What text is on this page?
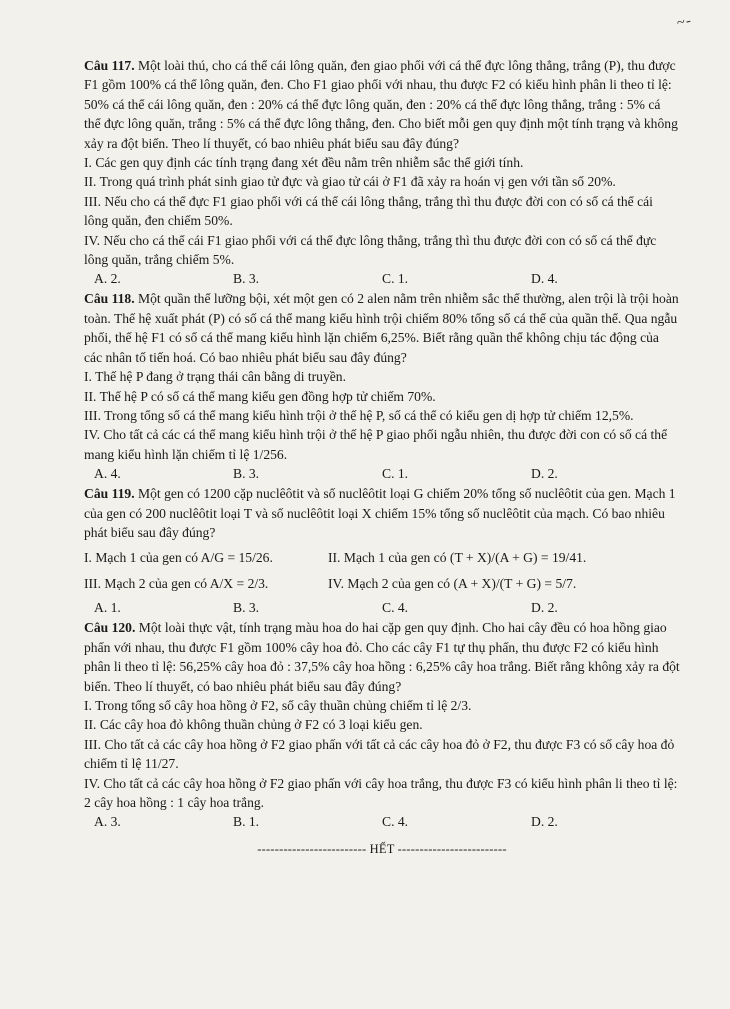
~-

Câu 117. Một loài thú, cho cá thể cái lông quăn, đen giao phối với cá thể đực lông thẳng, trắng (P), thu được F1 gồm 100% cá thể lông quăn, đen. Cho F1 giao phối với nhau, thu được F2 có kiểu hình phân li theo tỉ lệ: 50% cá thể cái lông quăn, đen : 20% cá thể đực lông quăn, đen : 20% cá thể đực lông thẳng, trắng : 5% cá thể đực lông quăn, trắng : 5% cá thể đực lông thẳng, đen. Cho biết mỗi gen quy định một tính trạng và không xảy ra đột biến. Theo lí thuyết, có bao nhiêu phát biểu sau đây đúng?

I. Các gen quy định các tính trạng đang xét đều nằm trên nhiễm sắc thể giới tính.

II. Trong quá trình phát sinh giao tử đực và giao tử cái ở F1 đã xảy ra hoán vị gen với tần số 20%.

III. Nếu cho cá thể đực F1 giao phối với cá thể cái lông thẳng, trắng thì thu được đời con có số cá thể cái lông quăn, đen chiếm 50%.

IV. Nếu cho cá thể cái F1 giao phối với cá thể đực lông thẳng, trắng thì thu được đời con có số cá thể đực lông quăn, trắng chiếm 5%.

A. 2.	B. 3.	C. 1.	D. 4.

Câu 118. Một quần thể lưỡng bội, xét một gen có 2 alen nằm trên nhiễm sắc thể thường, alen trội là trội hoàn toàn. Thế hệ xuất phát (P) có số cá thể mang kiểu hình trội chiếm 80% tổng số cá thể của quần thể. Qua ngẫu phối, thế hệ F1 có số cá thể mang kiểu hình lặn chiếm 6,25%. Biết rằng quần thể không chịu tác động của các nhân tố tiến hoá. Có bao nhiêu phát biểu sau đây đúng?

I. Thế hệ P đang ở trạng thái cân bằng di truyền.

II. Thế hệ P có số cá thể mang kiểu gen đồng hợp tử chiếm 70%.

III. Trong tổng số cá thể mang kiểu hình trội ở thế hệ P, số cá thể có kiểu gen dị hợp tử chiếm 12,5%.

IV. Cho tất cả các cá thể mang kiểu hình trội ở thế hệ P giao phối ngẫu nhiên, thu được đời con có số cá thể mang kiểu hình lặn chiếm tỉ lệ 1/256.

A. 4.	B. 3.	C. 1.	D. 2.

Câu 119. Một gen có 1200 cặp nuclêôtit và số nuclêôtit loại G chiếm 20% tổng số nuclêôtit của gen. Mạch 1 của gen có 200 nuclêôtit loại T và số nuclêôtit loại X chiếm 15% tổng số nuclêôtit của mạch. Có bao nhiêu phát biểu sau đây đúng?

I. Mạch 1 của gen có A/G = 15/26.	II. Mạch 1 của gen có (T + X)/(A + G) = 19/41.
III. Mạch 2 của gen có A/X = 2/3.	IV. Mạch 2 của gen có (A + X)/(T + G) = 5/7.
A. 1.	B. 3.	C. 4.	D. 2.

Câu 120. Một loài thực vật, tính trạng màu hoa do hai cặp gen quy định. Cho hai cây đều có hoa hồng giao phấn với nhau, thu được F1 gồm 100% cây hoa đỏ. Cho các cây F1 tự thụ phấn, thu được F2 có kiểu hình phân li theo tỉ lệ: 56,25% cây hoa đỏ : 37,5% cây hoa hồng : 6,25% cây hoa trắng. Biết rằng không xảy ra đột biến. Theo lí thuyết, có bao nhiêu phát biểu sau đây đúng?

I. Trong tổng số cây hoa hồng ở F2, số cây thuần chủng chiếm tỉ lệ 2/3.

II. Các cây hoa đỏ không thuần chủng ở F2 có 3 loại kiểu gen.

III. Cho tất cả các cây hoa hồng ở F2 giao phấn với tất cả các cây hoa đỏ ở F2, thu được F3 có số cây hoa đỏ chiếm tỉ lệ 11/27.

IV. Cho tất cả các cây hoa hồng ở F2 giao phấn với cây hoa trắng, thu được F3 có kiểu hình phân li theo tỉ lệ: 2 cây hoa hồng : 1 cây hoa trắng.

A. 3.	B. 1.	C. 4.	D. 2.
------------------------- HẾT -------------------------
